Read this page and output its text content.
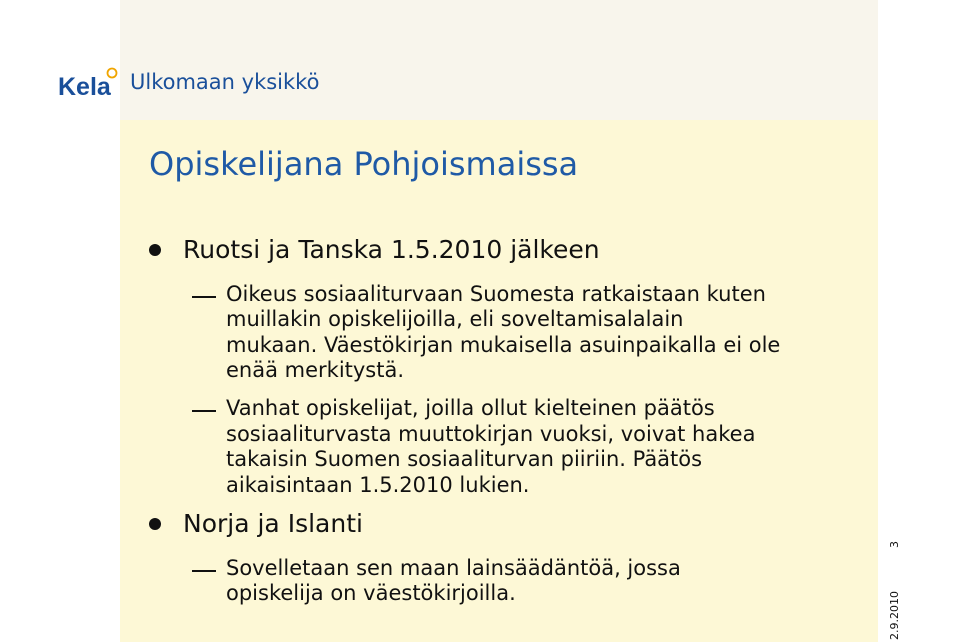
Kela Ulkomaan yksikkö
Opiskelijana Pohjoismaissa
Ruotsi ja Tanska 1.5.2010 jälkeen
Oikeus sosiaaliturvaan Suomesta ratkaistaan kuten
muillakin opiskelijoilla, eli soveltamisalalain
mukaan. Väestökirjan mukaisella asuinpaikalla ei ole
enää merkitystä.
Vanhat opiskelijat, joilla ollut kielteinen päätös
sosiaaliturvasta muuttokirjan vuoksi, voivat hakea
takaisin Suomen sosiaaliturvan piiriin. Päätös
aikaisintaan 1.5.2010 lukien.
Norja ja Islanti
Sovelletaan sen maan lainsäädäntöä, jossa
opiskelija on väestökirjoilla.
3
2.9.2010
